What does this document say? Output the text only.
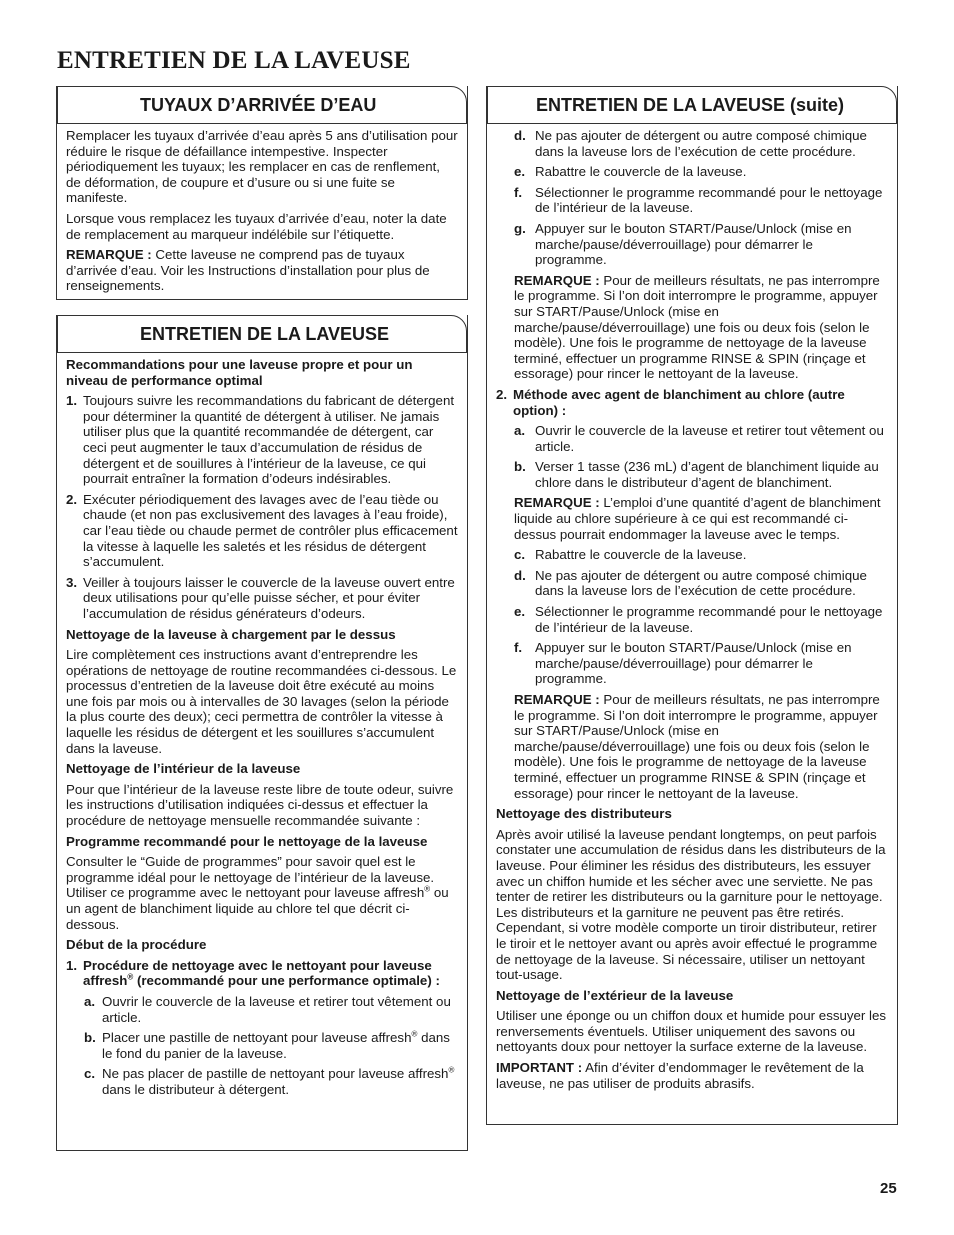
ENTRETIEN DE LA LAVEUSE
TUYAUX D’ARRIVÉE D’EAU

Remplacer les tuyaux d’arrivée d’eau après 5 ans d’utilisation pour réduire le risque de défaillance intempestive. Inspecter périodiquement les tuyaux; les remplacer en cas de renflement, de déformation, de coupure et d’usure ou si une fuite se manifeste.

Lorsque vous remplacez les tuyaux d’arrivée d’eau, noter la date de remplacement au marqueur indélébile sur l’étiquette.

REMARQUE : Cette laveuse ne comprend pas de tuyaux d’arrivée d’eau. Voir les Instructions d’installation pour plus de renseignements.

ENTRETIEN DE LA LAVEUSE

Recommandations pour une laveuse propre et pour un niveau de performance optimal

1. Toujours suivre les recommandations du fabricant de détergent pour déterminer la quantité de détergent à utiliser. Ne jamais utiliser plus que la quantité recommandée de détergent, car ceci peut augmenter le taux d’accumulation de résidus de détergent et de souillures à l’intérieur de la laveuse, ce qui pourrait entraîner la formation d’odeurs indésirables.
2. Exécuter périodiquement des lavages avec de l’eau tiède ou chaude (et non pas exclusivement des lavages à l’eau froide), car l’eau tiède ou chaude permet de contrôler plus efficacement la vitesse à laquelle les saletés et les résidus de détergent s’accumulent.
3. Veiller à toujours laisser le couvercle de la laveuse ouvert entre deux utilisations pour qu’elle puisse sécher, et pour éviter l’accumulation de résidus générateurs d’odeurs.

Nettoyage de la laveuse à chargement par le dessus

Lire complètement ces instructions avant d’entreprendre les opérations de nettoyage de routine recommandées ci-dessous. Le processus d’entretien de la laveuse doit être exécuté au moins une fois par mois ou à intervalles de 30 lavages (selon la période la plus courte des deux); ceci permettra de contrôler la vitesse à laquelle les résidus de détergent et les souillures s’accumulent dans la laveuse.

Nettoyage de l’intérieur de la laveuse

Pour que l’intérieur de la laveuse reste libre de toute odeur, suivre les instructions d’utilisation indiquées ci-dessus et effectuer la procédure de nettoyage mensuelle recommandée suivante :

Programme recommandé pour le nettoyage de la laveuse

Consulter le “Guide de programmes” pour savoir quel est le programme idéal pour le nettoyage de l’intérieur de la laveuse. Utiliser ce programme avec le nettoyant pour laveuse affresh® ou un agent de blanchiment liquide au chlore tel que décrit ci-dessous.

Début de la procédure

1. Procédure de nettoyage avec le nettoyant pour laveuse affresh® (recommandé pour une performance optimale) :
a. Ouvrir le couvercle de la laveuse et retirer tout vêtement ou article.
b. Placer une pastille de nettoyant pour laveuse affresh® dans le fond du panier de la laveuse.
c. Ne pas placer de pastille de nettoyant pour laveuse affresh® dans le distributeur à détergent.
ENTRETIEN DE LA LAVEUSE (suite)
d. Ne pas ajouter de détergent ou autre composé chimique dans la laveuse lors de l’exécution de cette procédure.
e. Rabattre le couvercle de la laveuse.
f. Sélectionner le programme recommandé pour le nettoyage de l’intérieur de la laveuse.
g. Appuyer sur le bouton START/Pause/Unlock (mise en marche/pause/déverrouillage) pour démarrer le programme.

REMARQUE : Pour de meilleurs résultats, ne pas interrompre le programme. Si l’on doit interrompre le programme, appuyer sur START/Pause/Unlock (mise en marche/pause/déverrouillage) une fois ou deux fois (selon le modèle). Une fois le programme de nettoyage de la laveuse terminé, effectuer un programme RINSE & SPIN (rinçage et essorage) pour rincer le nettoyant de la laveuse.

2. Méthode avec agent de blanchiment au chlore (autre option) :
a. Ouvrir le couvercle de la laveuse et retirer tout vêtement ou article.
b. Verser 1 tasse (236 mL) d’agent de blanchiment liquide au chlore dans le distributeur d’agent de blanchiment.

REMARQUE : L’emploi d’une quantité d’agent de blanchiment liquide au chlore supérieure à ce qui est recommandé ci-dessus pourrait endommager la laveuse avec le temps.

c. Rabattre le couvercle de la laveuse.
d. Ne pas ajouter de détergent ou autre composé chimique dans la laveuse lors de l’exécution de cette procédure.
e. Sélectionner le programme recommandé pour le nettoyage de l’intérieur de la laveuse.
f. Appuyer sur le bouton START/Pause/Unlock (mise en marche/pause/déverrouillage) pour démarrer le programme.

REMARQUE : Pour de meilleurs résultats, ne pas interrompre le programme. Si l’on doit interrompre le programme, appuyer sur START/Pause/Unlock (mise en marche/pause/déverrouillage) une fois ou deux fois (selon le modèle). Une fois le programme de nettoyage de la laveuse terminé, effectuer un programme RINSE & SPIN (rinçage et essorage) pour rincer le nettoyant de la laveuse.

Nettoyage des distributeurs

Après avoir utilisé la laveuse pendant longtemps, on peut parfois constater une accumulation de résidus dans les distributeurs de la laveuse. Pour éliminer les résidus des distributeurs, les essuyer avec un chiffon humide et les sécher avec une serviette. Ne pas tenter de retirer les distributeurs ou la garniture pour le nettoyage. Les distributeurs et la garniture ne peuvent pas être retirés. Cependant, si votre modèle comporte un tiroir distributeur, retirer le tiroir et le nettoyer avant ou après avoir effectué le programme de nettoyage de la laveuse. Si nécessaire, utiliser un nettoyant tout-usage.

Nettoyage de l’extérieur de la laveuse

Utiliser une éponge ou un chiffon doux et humide pour essuyer les renversements éventuels. Utiliser uniquement des savons ou nettoyants doux pour nettoyer la surface externe de la laveuse.

IMPORTANT : Afin d’éviter d’endommager le revêtement de la laveuse, ne pas utiliser de produits abrasifs.

25
